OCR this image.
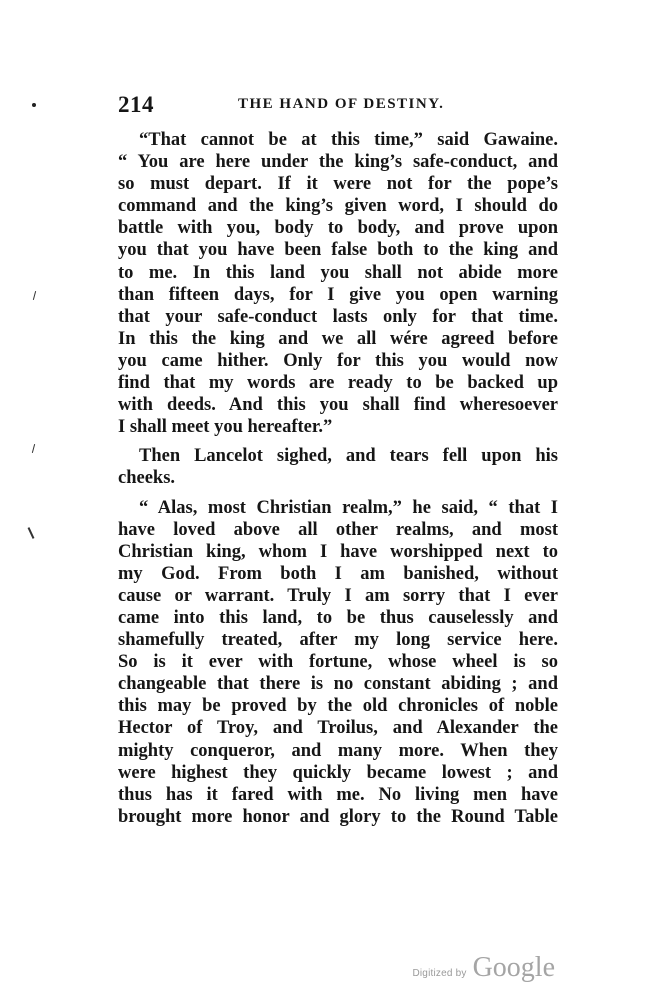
214	THE HAND OF DESTINY.
“That cannot be at this time,” said Gawaine.
“ You are here under the king’s safe-conduct, and
so must depart. If it were not for the pope’s
command and the king’s given word, I should do
battle with you, body to body, and prove upon
you that you have been false both to the king and
to me. In this land you shall not abide more
than fifteen days, for I give you open warning
that your safe-conduct lasts only for that time.
In this the king and we all wére agreed before
you came hither. Only for this you would now
find that my words are ready to be backed up
with deeds. And this you shall find wheresoever
I shall meet you hereafter.”
Then Lancelot sighed, and tears fell upon his
cheeks.
“ Alas, most Christian realm,” he said, “ that I
have loved above all other realms, and most
Christian king, whom I have worshipped next to
my God. From both I am banished, without
cause or warrant. Truly I am sorry that I ever
came into this land, to be thus causelessly and
shamefully treated, after my long service here.
So is it ever with fortune, whose wheel is so
changeable that there is no constant abiding ; and
this may be proved by the old chronicles of noble
Hector of Troy, and Troilus, and Alexander the
mighty conqueror, and many more. When they
were highest they quickly became lowest ; and
thus has it fared with me. No living men have
brought more honor and glory to the Round Table
Digitized by Google
